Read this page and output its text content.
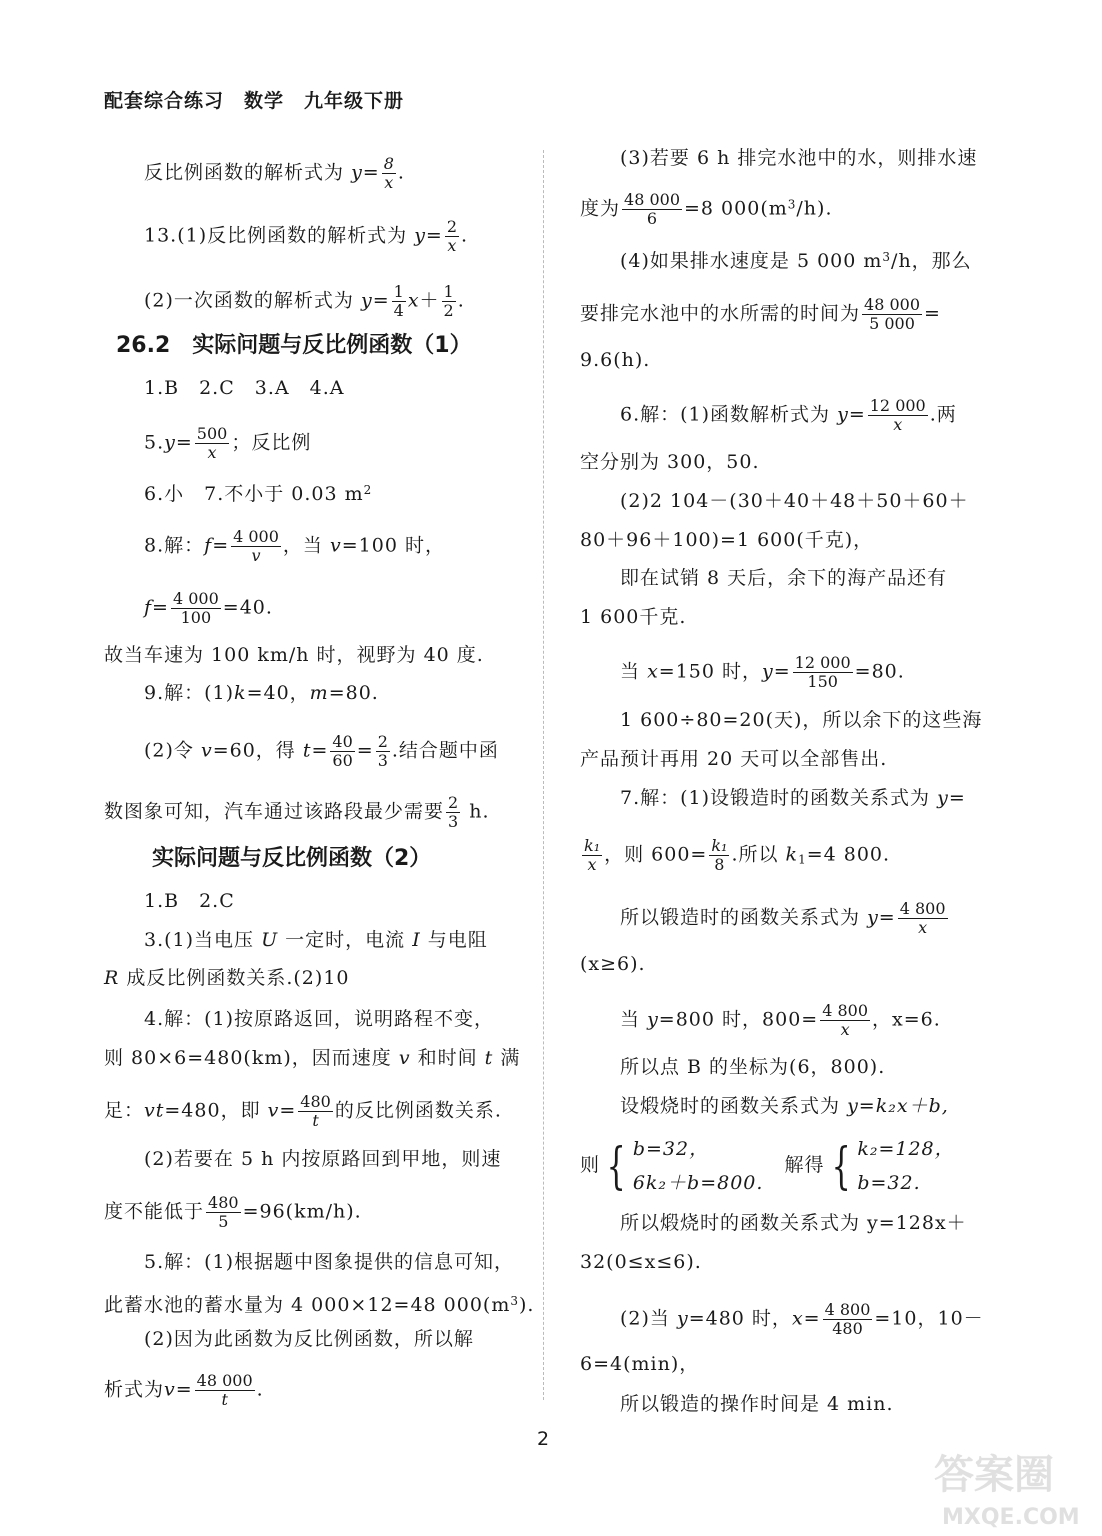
配套综合练习　数学　九年级下册
反比例函数的解析式为 $y= \frac{8}{x}$ .
13.(1)反比例函数的解析式为 $y= \frac{2}{x}$ .
(2)一次函数的解析式为 $y= \frac{1}{4} x+ \frac{1}{2}$ .
26.2　实际问题与反比例函数（1）
1.B　2.C　3.A　4.A
$5.y= \frac{500}{x}$ ；反比例
6.小　7.不小于 0.03 $m^2$
8.解：$f= \frac{4 000}{v}$ ，当 v=100 时，
$f= \frac{4 000}{100} =40$.
故当车速为 100 km/h 时，视野为 40 度.
9.解：(1)k=40，m=80.
(2)令 v=60，得 $t= \frac{40}{60} = \frac{2}{3}$ .结合题中函
数图象可知，汽车通过该路段最少需要 $\frac{2}{3} h$.
实际问题与反比例函数（2）
1.B　2.C
3.(1)当电压 U 一定时，电流 I 与电阻
R 成反比例函数关系.(2)10
4.解：(1)按原路返回，说明路程不变，
则 80×6=480(km)，因而速度 v 和时间 t 满
足：vt=480，即 $v= \frac{480}{t}$ 的反比例函数关系.
(2)若要在 5 h 内按原路回到甲地，则速
度不能低于 $\frac{480}{5} =96(km/h)$.
5.解：(1)根据题中图象提供的信息可知，
此蓄水池的蓄水量为 4 000×12=48 $000(m^3)$.
(2)因为此函数为反比例函数，所以解
析式为$v= \frac{48 000}{t}$ .
(3)若要 6 h 排完水池中的水，则排水速
度为 $\frac{48 000}{6} =8$ $000(m^3/h)$.
(4)如果排水速度是 5 000 $m^3/h$，那么
要排完水池中的水所需的时间为 $\frac{48 000}{5 000}$ =
9.6(h).
6.解：(1)函数解析式为 $y= \frac{12 000}{x}$ .两
空分别为 300，50.
(2)2 104－(30＋40＋48＋50＋60＋
80＋96＋100)=1 600(千克)，
即在试销 8 天后，余下的海产品还有
1 600千克.
当 x=150 时，$y= \frac{12 000}{150} =80$.
1 600÷80=20(天)，所以余下的这些海
产品预计再用 20 天可以全部售出.
7.解：(1)设锻造时的函数关系式为 y=
$\frac{\text{k₁}}{x}$ ，则 $600= \frac{\text{k₁}}{8}$ .所以 $k_1=4$ 800.
所以锻造时的函数关系式为 $y= \frac{4 800}{x}$
(x≥6).
当 y=800 时，$800= \frac{4 800}{x}$ ，x=6.
所以点 B 的坐标为(6，800).
设煅烧时的函数关系式为 y=k₂x＋b,
则 { b=32，
6k₂＋b=800.
解得 { k₂=128，
b=32.
所以煅烧时的函数关系式为 y=128x＋
32(0≤x≤6).
(2)当 y=480 时，$x= \frac{4 800}{480} =10$，10－
6=4(min)，
所以锻造的操作时间是 4 min.
2
答案圈
MXQE.COM
